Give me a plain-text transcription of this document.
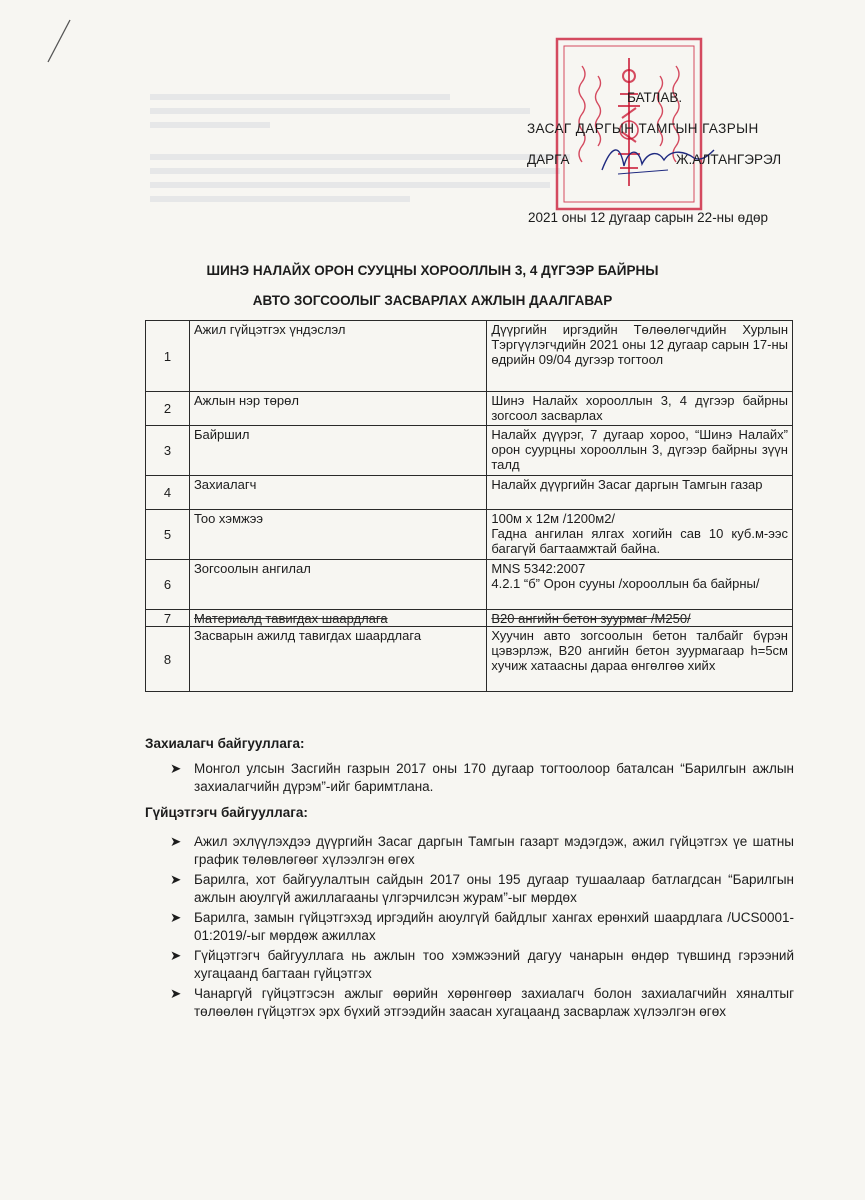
БАТЛАВ.
ЗАСАГ ДАРГЫН ТАМГЫН ГАЗРЫН
ДАРГА	Ж.АЛТАНГЭРЭЛ
2021 оны 12 дугаар сарын 22-ны өдөр
ШИНЭ НАЛАЙХ ОРОН СУУЦНЫ ХОРООЛЛЫН 3, 4 ДҮГЭЭР БАЙРНЫ
АВТО ЗОГСООЛЫГ ЗАСВАРЛАХ АЖЛЫН ДААЛГАВАР
1	Ажил гүйцэтгэх үндэслэл	Дүүргийн иргэдийн Төлөөлөгчдийн Хурлын Тэргүүлэгчдийн 2021 оны 12 дугаар сарын 17-ны өдрийн 09/04 дугээр тогтоол
2	Ажлын нэр төрөл	Шинэ Налайх хорооллын 3, 4 дүгээр байрны зогсоол засварлах
3	Байршил	Налайх дүүрэг, 7 дугаар хороо, “Шинэ Налайх” орон суурцны хорооллын 3, дүгээр байрны зүүн талд
4	Захиалагч	Налайх дүүргийн Засаг даргын Тамгын газар
5	Тоо хэмжээ	100м х 12м /1200м2/
Гадна ангилан ялгах хогийн сав 10 куб.м-ээс багагүй багтаамжтай байна.

6	Зогсоолын ангилал	MNS 5342:2007
4.2.1 “б” Орон сууны /хорооллын ба байрны/

7	Материалд тавигдах шаардлага	B20 ангийн бетон зуурмаг /M250/
8	Засварын ажилд тавигдах шаардлага	Хуучин авто зогсоолын бетон талбайг бүрэн цэвэрлэж, B20 ангийн бетон зуурмагаар h=5см хучиж хатаасны дараа өнгөлгөө хийх
Захиалагч байгууллага:
➤ Монгол улсын Засгийн газрын 2017 оны 170 дугаар тогтоолоор баталсан “Барилгын ажлын захиалагчийн дүрэм”-ийг баримтлана.
Гүйцэтгэгч байгууллага:
➤ Ажил эхлүүлэхдээ дүүргийн Засаг даргын Тамгын газарт мэдэгдэж, ажил гүйцэтгэх үе шатны график төлөвлөгөөг хүлээлгэн өгөх
➤ Барилга, хот байгуулалтын сайдын 2017 оны 195 дугаар тушаалаар батлагдсан “Барилгын ажлын аюулгүй ажиллагааны үлгэрчилсэн журам”-ыг мөрдөх
➤ Барилга, замын гүйцэтгэхэд иргэдийн аюулгүй байдлыг хангах ерөнхий шаардлага /UCS0001-01:2019/-ыг мөрдөж ажиллах
➤ Гүйцэтгэгч байгууллага нь ажлын тоо хэмжээний дагуу чанарын өндөр түвшинд гэрээний хугацаанд багтаан гүйцэтгэх
➤ Чанаргүй гүйцэтгэсэн ажлыг өөрийн хөрөнгөөр захиалагч болон захиалагчийн хяналтыг төлөөлөн гүйцэтгэх эрх бүхий этгээдийн заасан хугацаанд засварлаж хүлээлгэн өгөх
